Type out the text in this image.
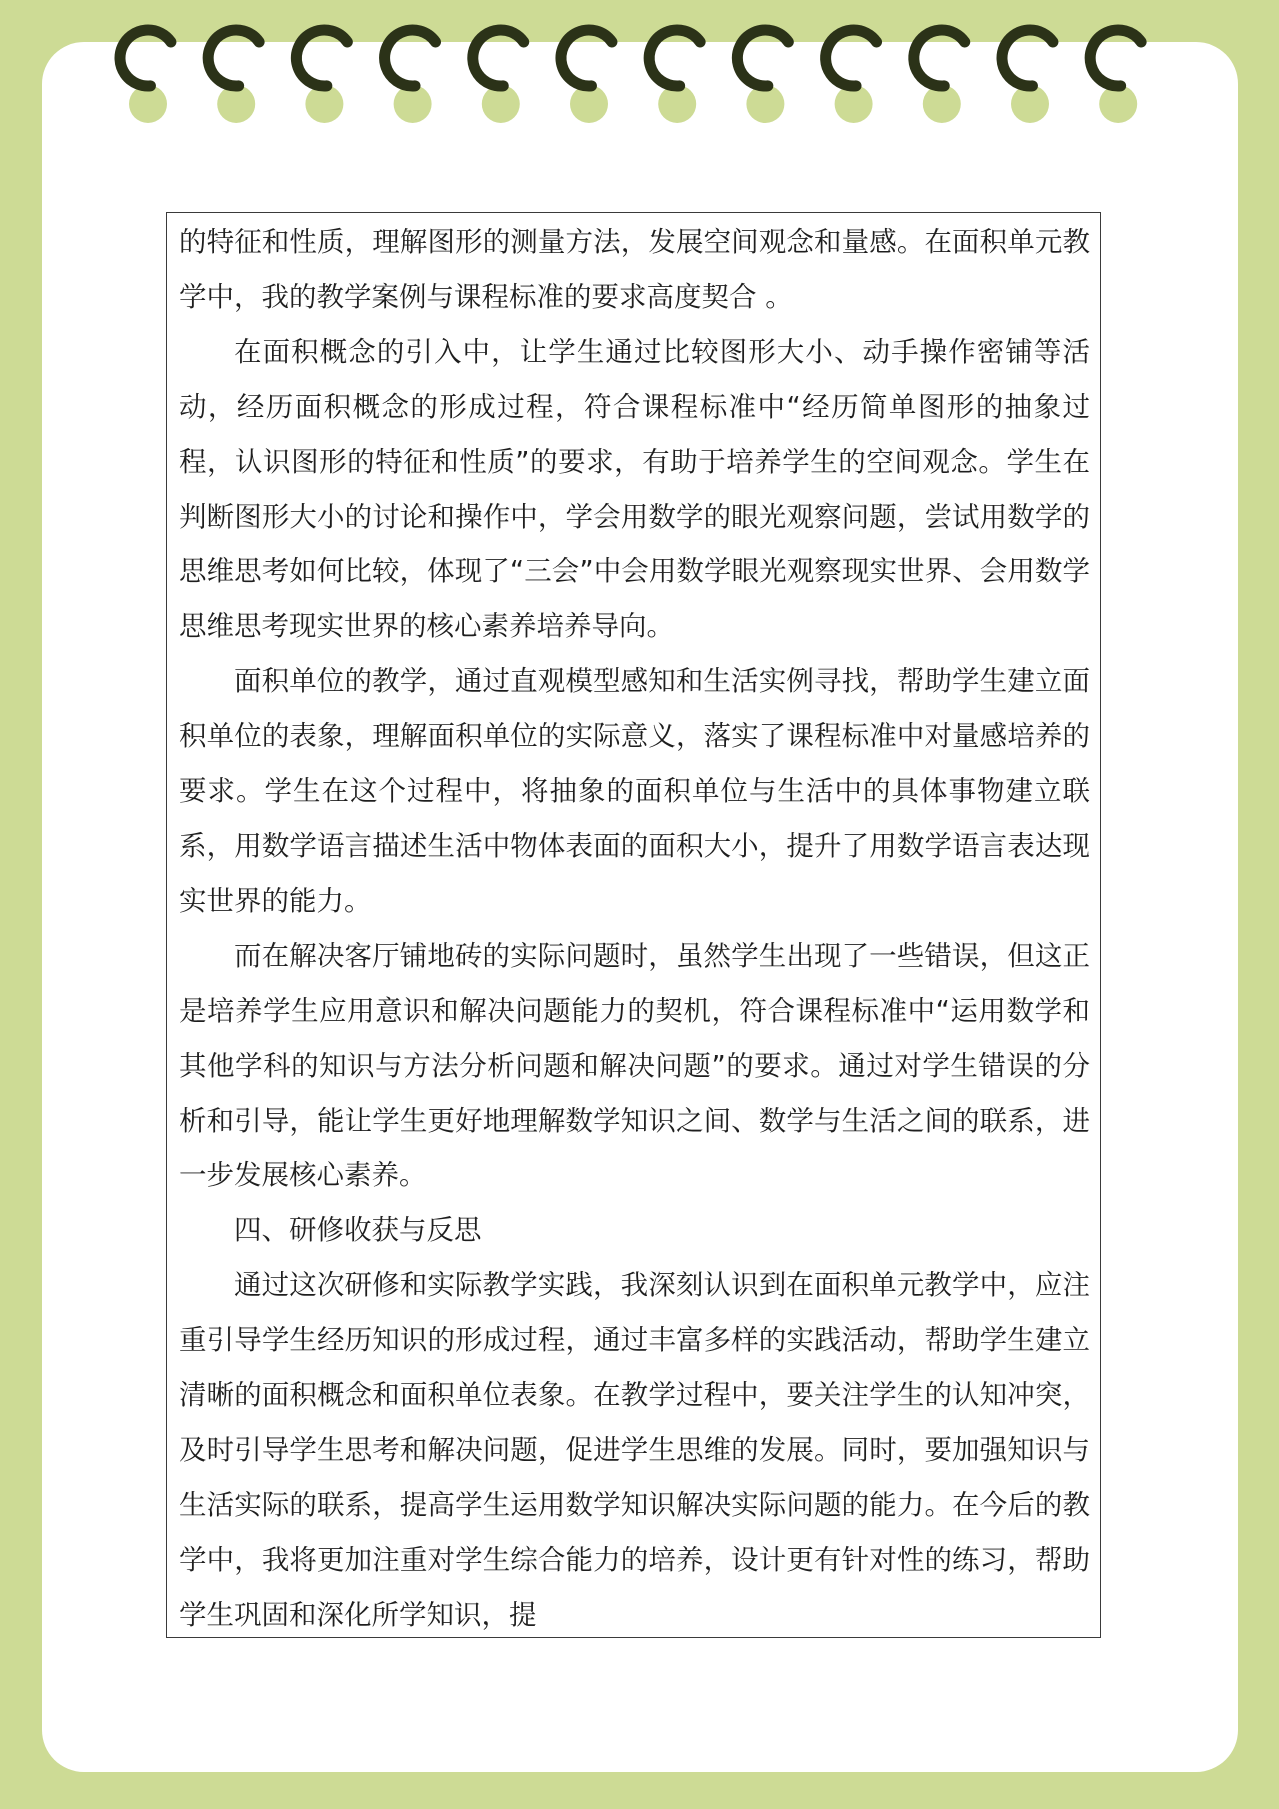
的特征和性质，理解图形的测量方法，发展空间观念和量感。在面积单元教学中，我的教学案例与课程标准的要求高度契合 。

在面积概念的引入中，让学生通过比较图形大小、动手操作密铺等活动，经历面积概念的形成过程，符合课程标准中“经历简单图形的抽象过程，认识图形的特征和性质”的要求，有助于培养学生的空间观念。学生在判断图形大小的讨论和操作中，学会用数学的眼光观察问题，尝试用数学的思维思考如何比较，体现了“三会”中会用数学眼光观察现实世界、会用数学思维思考现实世界的核心素养培养导向。

面积单位的教学，通过直观模型感知和生活实例寻找，帮助学生建立面积单位的表象，理解面积单位的实际意义，落实了课程标准中对量感培养的要求。学生在这个过程中，将抽象的面积单位与生活中的具体事物建立联系，用数学语言描述生活中物体表面的面积大小，提升了用数学语言表达现实世界的能力。

而在解决客厅铺地砖的实际问题时，虽然学生出现了一些错误，但这正是培养学生应用意识和解决问题能力的契机，符合课程标准中“运用数学和其他学科的知识与方法分析问题和解决问题”的要求。通过对学生错误的分析和引导，能让学生更好地理解数学知识之间、数学与生活之间的联系，进一步发展核心素养。

四、研修收获与反思

通过这次研修和实际教学实践，我深刻认识到在面积单元教学中，应注重引导学生经历知识的形成过程，通过丰富多样的实践活动，帮助学生建立清晰的面积概念和面积单位表象。在教学过程中，要关注学生的认知冲突，及时引导学生思考和解决问题，促进学生思维的发展。同时，要加强知识与生活实际的联系，提高学生运用数学知识解决实际问题的能力。在今后的教学中，我将更加注重对学生综合能力的培养，设计更有针对性的练习，帮助学生巩固和深化所学知识，提
